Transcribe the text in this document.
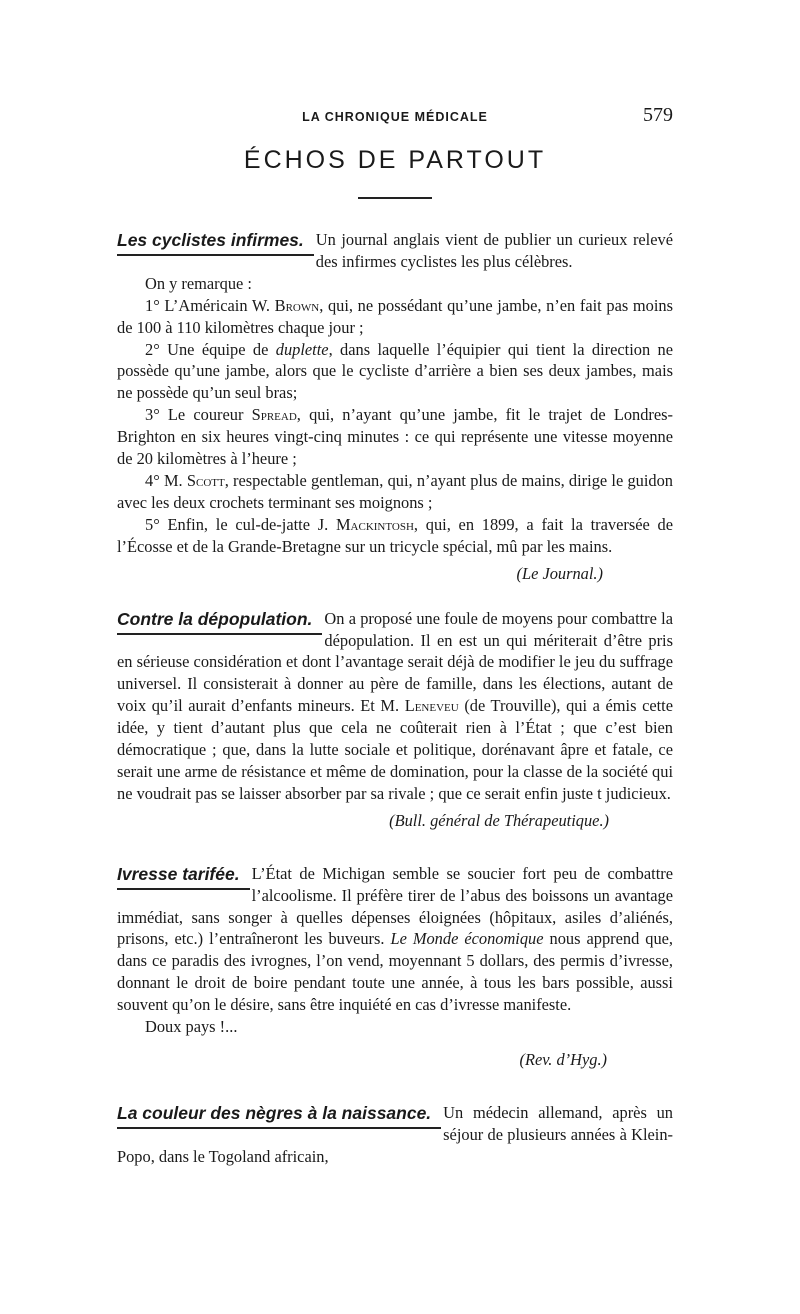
LA CHRONIQUE MÉDICALE	579
ÉCHOS DE PARTOUT

Les cyclistes infirmes. Un journal anglais vient de publier un curieux relevé des infirmes cyclistes les plus célèbres.

On y remarque :

1° L’Américain W. Brown, qui, ne possédant qu’une jambe, n’en fait pas moins de 100 à 110 kilomètres chaque jour ;

2° Une équipe de duplette, dans laquelle l’équipier qui tient la direction ne possède qu’une jambe, alors que le cycliste d’arrière a bien ses deux jambes, mais ne possède qu’un seul bras;

3° Le coureur Spread, qui, n’ayant qu’une jambe, fit le trajet de Londres-Brighton en six heures vingt-cinq minutes : ce qui représente une vitesse moyenne de 20 kilomètres à l’heure ;

4° M. Scott, respectable gentleman, qui, n’ayant plus de mains, dirige le guidon avec les deux crochets terminant ses moignons ;

5° Enfin, le cul-de-jatte J. Mackintosh, qui, en 1899, a fait la traversée de l’Écosse et de la Grande-Bretagne sur un tricycle spécial, mû par les mains.

(Le Journal.)

Contre la dépopulation. On a proposé une foule de moyens pour combattre la dépopulation. Il en est un qui mériterait d’être pris en sérieuse considération et dont l’avantage serait déjà de modifier le jeu du suffrage universel. Il consisterait à donner au père de famille, dans les élections, autant de voix qu’il aurait d’enfants mineurs. Et M. Leneveu (de Trouville), qui a émis cette idée, y tient d’autant plus que cela ne coûterait rien à l’État ; que c’est bien démocratique ; que, dans la lutte sociale et politique, dorénavant âpre et fatale, ce serait une arme de résistance et même de domination, pour la classe de la société qui ne voudrait pas se laisser absorber par sa rivale ; que ce serait enfin juste t judicieux.

(Bull. général de Thérapeutique.)

Ivresse tarifée. L’État de Michigan semble se soucier fort peu de combattre l’alcoolisme. Il préfère tirer de l’abus des boissons un avantage immédiat, sans songer à quelles dépenses éloignées (hôpitaux, asiles d’aliénés, prisons, etc.) l’entraîneront les buveurs. Le Monde économique nous apprend que, dans ce paradis des ivrognes, l’on vend, moyennant 5 dollars, des permis d’ivresse, donnant le droit de boire pendant toute une année, à tous les bars possible, aussi souvent qu’on le désire, sans être inquiété en cas d’ivresse manifeste.

Doux pays !...

(Rev. d’Hyg.)

La couleur des nègres à la naissance. Un médecin allemand, après un séjour de plusieurs années à Klein-Popo, dans le Togoland africain,
